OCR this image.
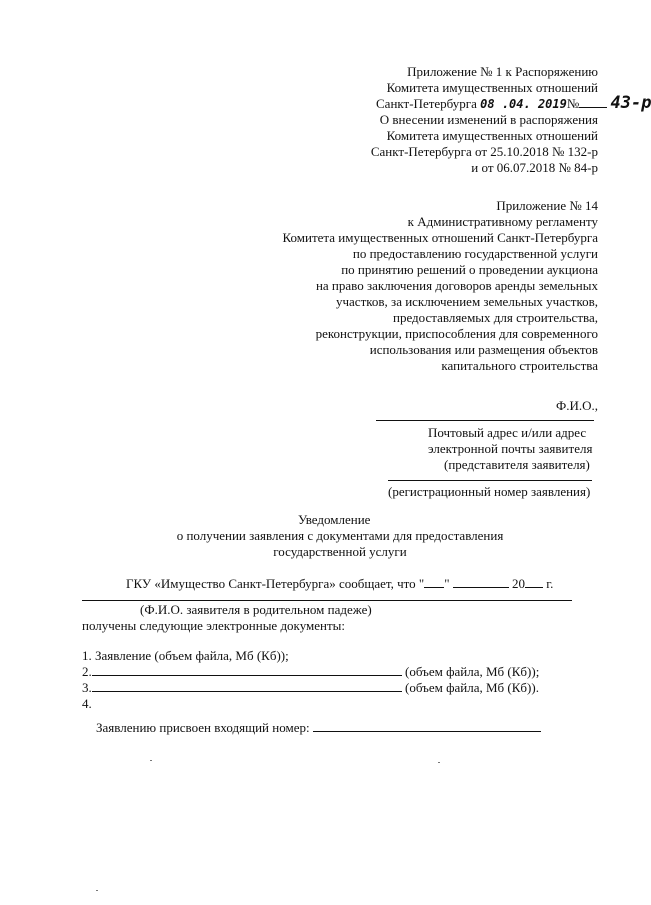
Приложение № 1 к Распоряжению
Комитета имущественных отношений
Санкт-Петербурга 08 .04. 2019№ 43-р
О внесении изменений в распоряжения
Комитета имущественных отношений
Санкт-Петербурга от 25.10.2018 № 132-р
и от 06.07.2018 № 84-р
Приложение № 14
к Административному регламенту
Комитета имущественных отношений Санкт-Петербурга
по предоставлению государственной услуги
по принятию решений о проведении аукциона
на право заключения договоров аренды земельных
участков, за исключением земельных участков,
предоставляемых для строительства,
реконструкции, приспособления для современного
использования или размещения объектов
капитального строительства
Ф.И.О.,
Почтовый адрес и/или адрес
электронной почты заявителя
(представителя заявителя)
(регистрационный номер заявления)
Уведомление
о получении заявления с документами для предоставления
государственной услуги
ГКУ «Имущество Санкт-Петербурга» сообщает, что " "	20 г.
(Ф.И.О. заявителя в родительном падеже)
получены следующие электронные документы:
1. Заявление (объем файла, Мб (Кб));
2.	(объем файла, Мб (Кб));
3.	(объем файла, Мб (Кб)).
4.
Заявлению присвоен входящий номер:
